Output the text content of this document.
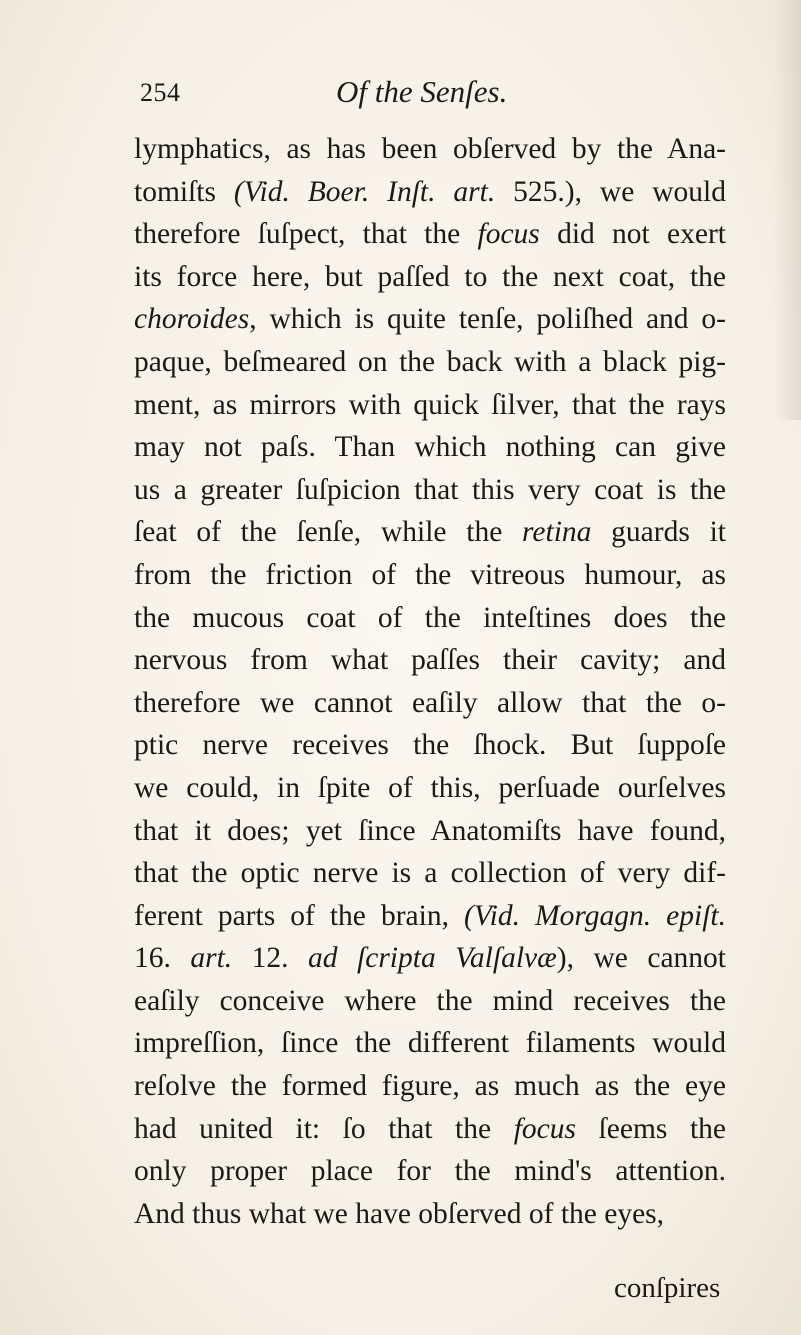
254	Of the Senſes.
lymphatics, as has been obſerved by the Ana-
tomiſts (Vid. Boer. Inſt. art. 525.), we would
therefore ſuſpect, that the focus did not exert
its force here, but paſſed to the next coat, the
choroides, which is quite tenſe, poliſhed and o-
paque, beſmeared on the back with a black pig-
ment, as mirrors with quick ſilver, that the rays
may not paſs. Than which nothing can give
us a greater ſuſpicion that this very coat is the
ſeat of the ſenſe, while the retina guards it
from the friction of the vitreous humour, as
the mucous coat of the inteſtines does the
nervous from what paſſes their cavity; and
therefore we cannot eaſily allow that the o-
ptic nerve receives the ſhock. But ſuppoſe
we could, in ſpite of this, perſuade ourſelves
that it does; yet ſince Anatomiſts have found,
that the optic nerve is a collection of very dif-
ferent parts of the brain, (Vid. Morgagn. epiſt.
16. art. 12. ad ſcripta Valſalvæ), we cannot
eaſily conceive where the mind receives the
impreſſion, ſince the different filaments would
reſolve the formed figure, as much as the eye
had united it: ſo that the focus ſeems the
only proper place for the mind's attention.
And thus what we have obſerved of the eyes,
conſpires
